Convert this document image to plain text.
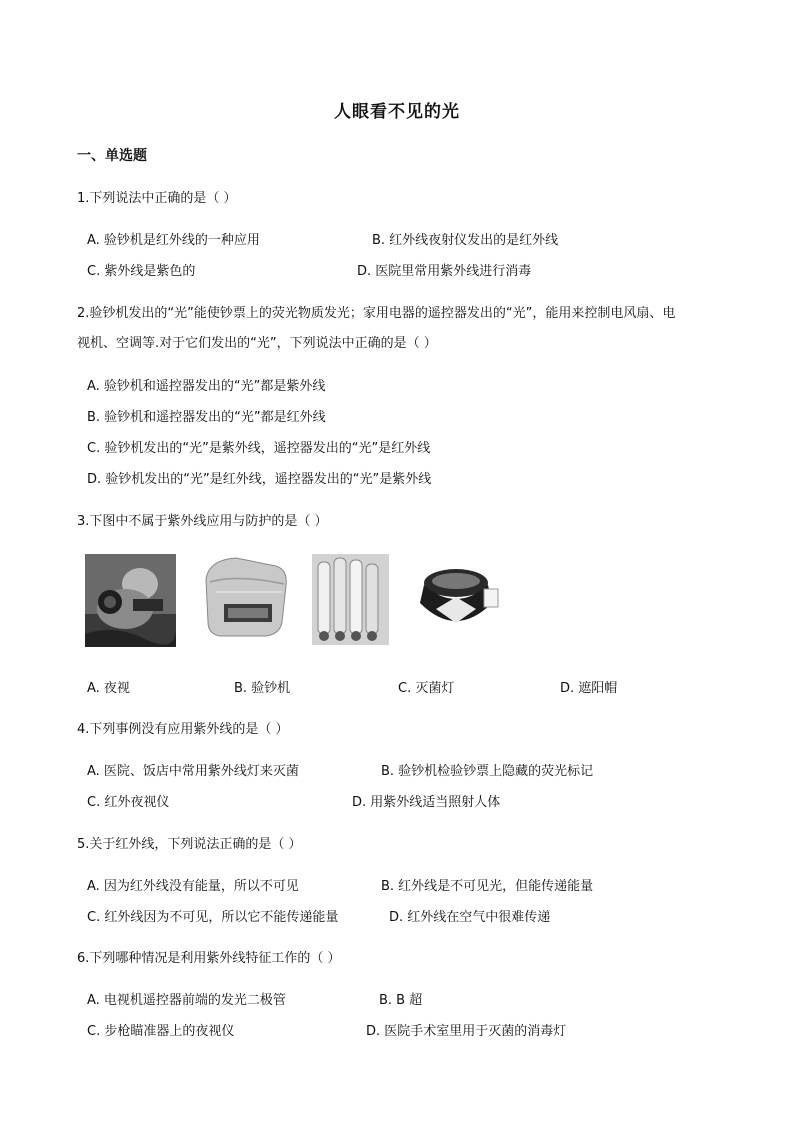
人眼看不见的光
一、单选题
1.下列说法中正确的是（ ）
A. 验钞机是红外线的一种应用	B. 红外线夜射仪发出的是红外线
C. 紫外线是紫色的	D. 医院里常用紫外线进行消毒
2.验钞机发出的“光”能使钞票上的荧光物质发光；家用电器的遥控器发出的“光”，能用来控制电风扇、电
视机、空调等.对于它们发出的“光”，下列说法中正确的是（ ）
A. 验钞机和遥控器发出的“光”都是紫外线
B. 验钞机和遥控器发出的“光”都是红外线
C. 验钞机发出的“光”是紫外线，遥控器发出的“光”是红外线
D. 验钞机发出的“光”是红外线，遥控器发出的“光”是紫外线
3.下图中不属于紫外线应用与防护的是（ ）
A. 夜视	B. 验钞机	C. 灭菌灯	D. 遮阳帽
4.下列事例没有应用紫外线的是（ ）
A. 医院、饭店中常用紫外线灯来灭菌	B. 验钞机检验钞票上隐藏的荧光标记
C. 红外夜视仪	D. 用紫外线适当照射人体
5.关于红外线，下列说法正确的是（ ）
A. 因为红外线没有能量，所以不可见	B. 红外线是不可见光，但能传递能量
C. 红外线因为不可见，所以它不能传递能量	D. 红外线在空气中很难传递
6.下列哪种情况是利用紫外线特征工作的（ ）
A. 电视机遥控器前端的发光二极管	B. B 超
C. 步枪瞄准器上的夜视仪	D. 医院手术室里用于灭菌的消毒灯
